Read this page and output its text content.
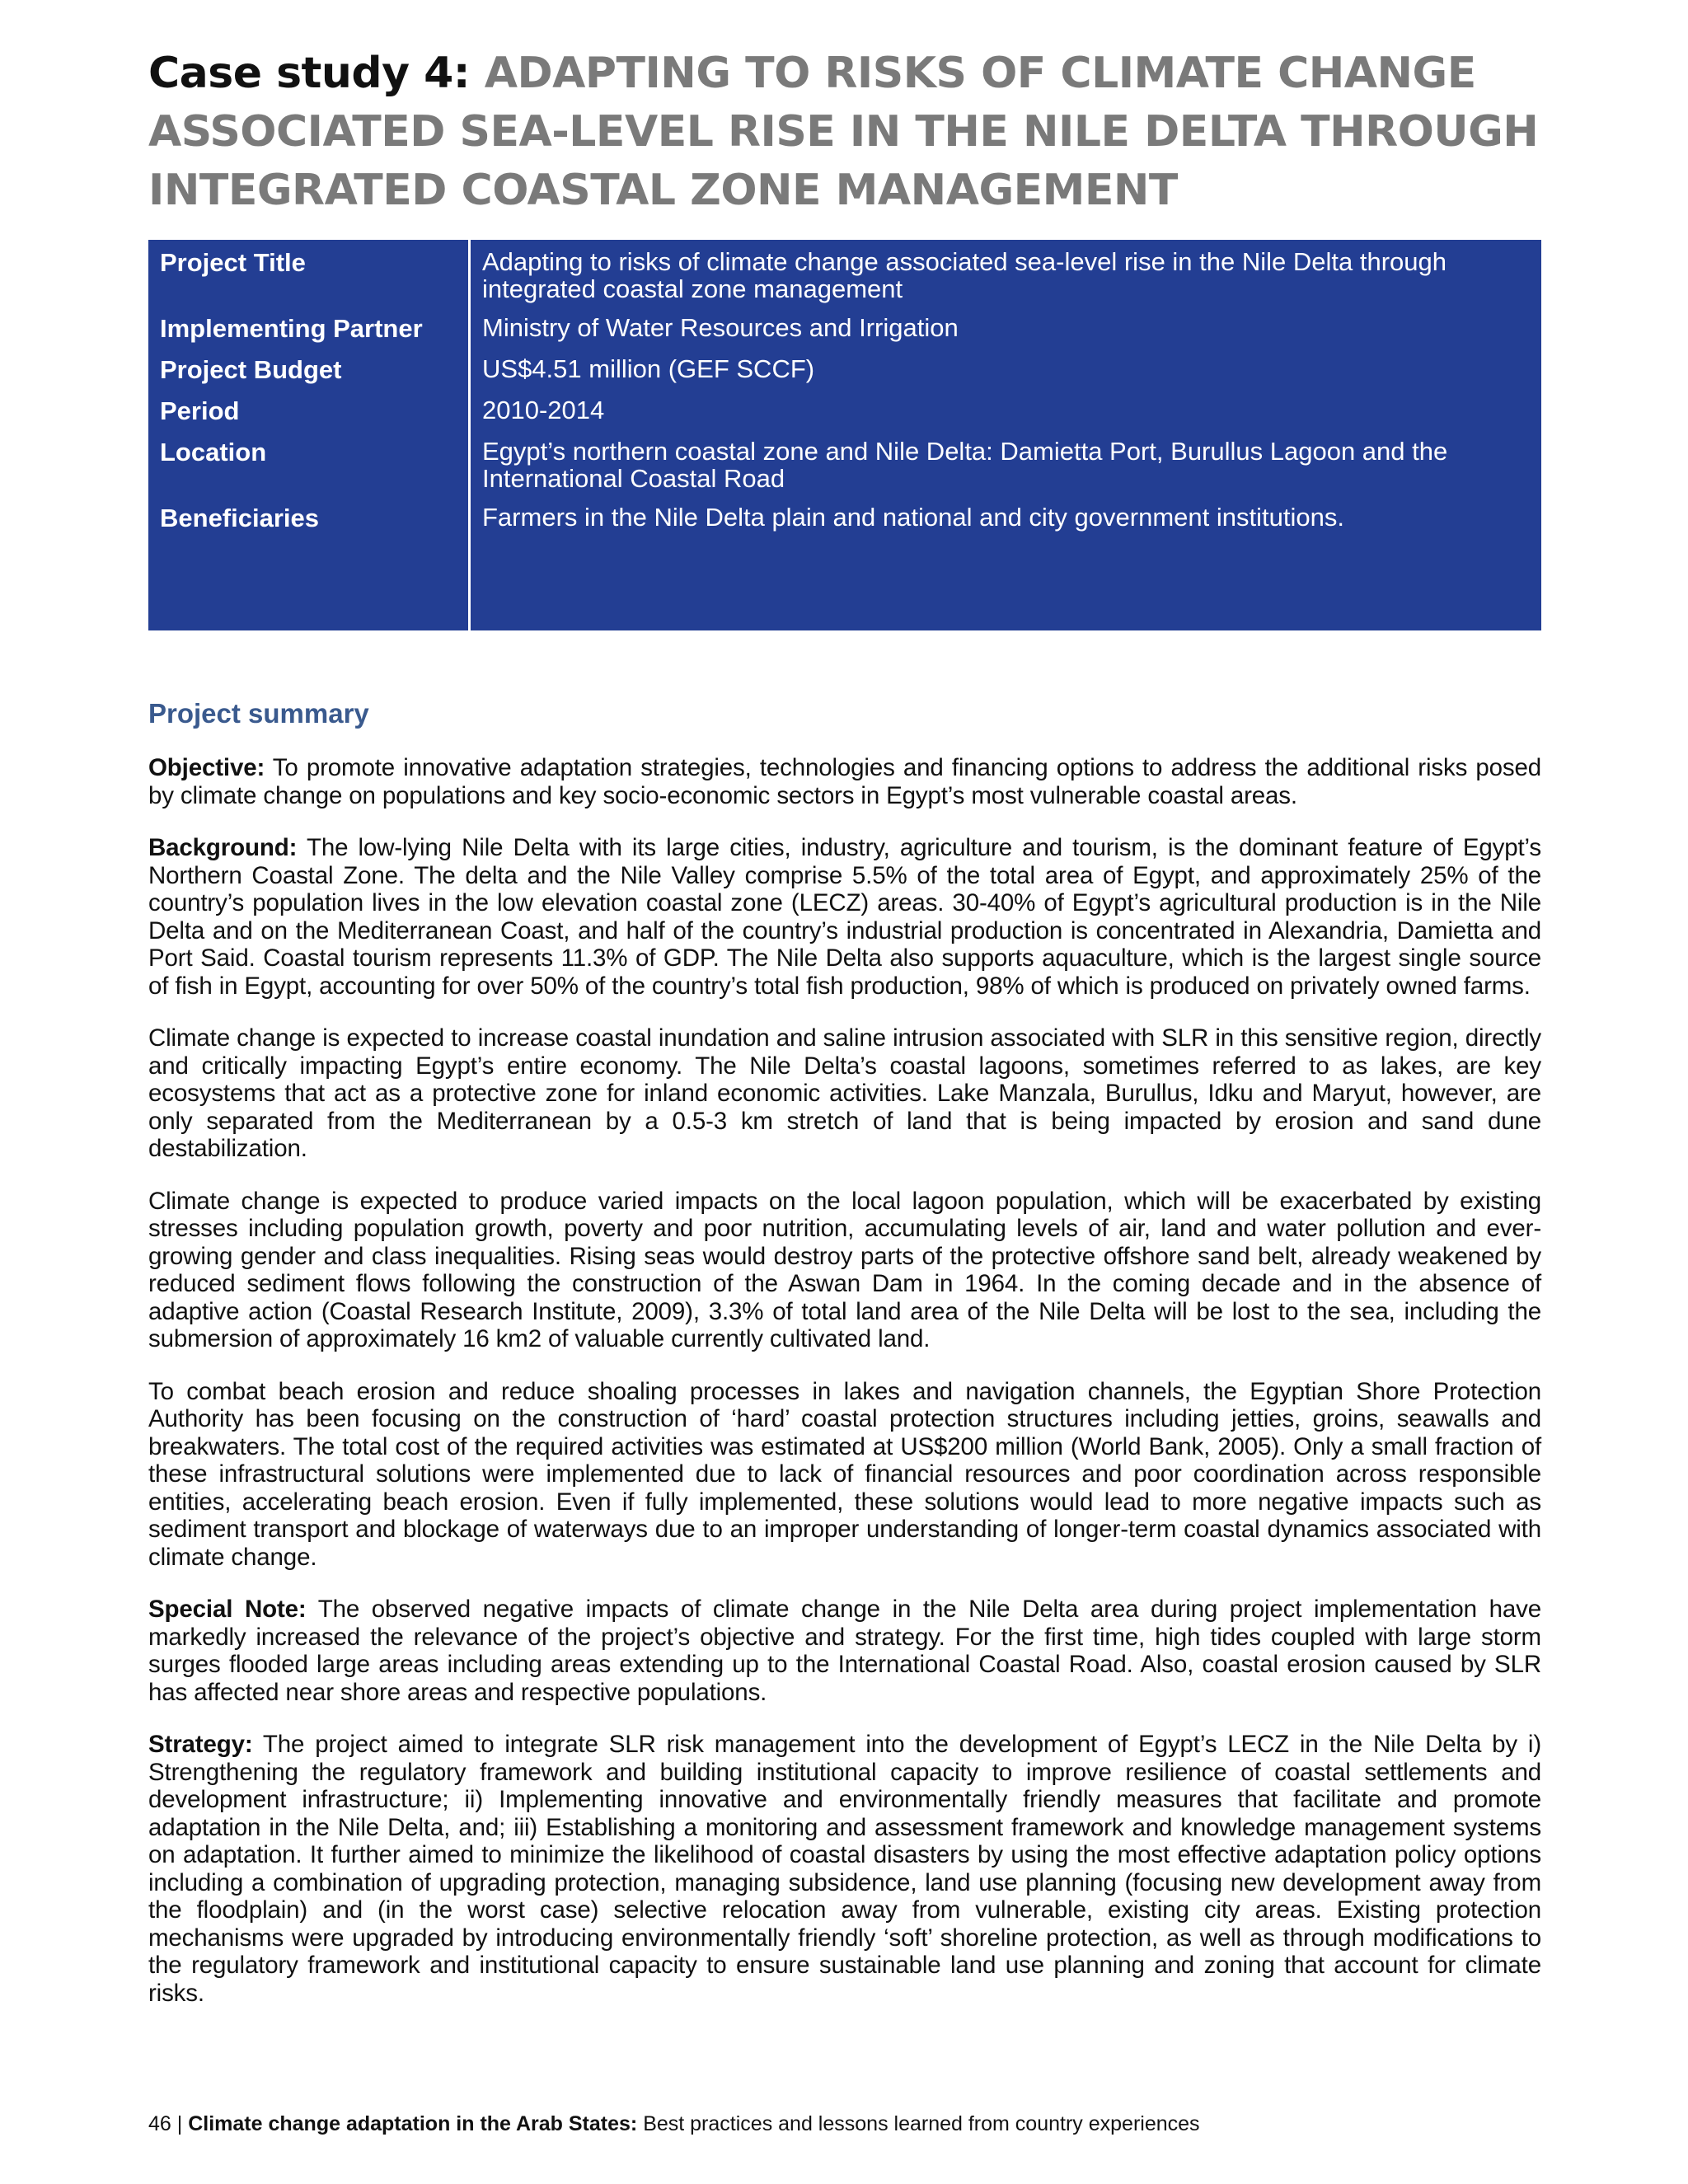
Case study 4: ADAPTING TO RISKS OF CLIMATE CHANGE ASSOCIATED SEA-LEVEL RISE IN THE NILE DELTA THROUGH INTEGRATED COASTAL ZONE MANAGEMENT
Project Title	Adapting to risks of climate change associated sea-level rise in the Nile Delta through integrated coastal zone management
Implementing Partner	Ministry of Water Resources and Irrigation
Project Budget	US$4.51 million (GEF SCCF)
Period	2010-2014
Location	Egypt’s northern coastal zone and Nile Delta: Damietta Port, Burullus Lagoon and the International Coastal Road
Beneficiaries	Farmers in the Nile Delta plain and national and city government institutions.

Project summary

Objective: To promote innovative adaptation strategies, technologies and financing options to address the additional risks posed by climate change on populations and key socio-economic sectors in Egypt’s most vulnerable coastal areas.

Background: The low-lying Nile Delta with its large cities, industry, agriculture and tourism, is the dominant feature of Egypt’s Northern Coastal Zone. The delta and the Nile Valley comprise 5.5% of the total area of Egypt, and approximately 25% of the country’s population lives in the low elevation coastal zone (LECZ) areas. 30-40% of Egypt’s agricultural production is in the Nile Delta and on the Mediterranean Coast, and half of the country’s industrial production is concentrated in Alexandria, Damietta and Port Said. Coastal tourism represents 11.3% of GDP. The Nile Delta also supports aquaculture, which is the largest single source of fish in Egypt, accounting for over 50% of the country’s total fish production, 98% of which is produced on privately owned farms.

Climate change is expected to increase coastal inundation and saline intrusion associated with SLR in this sensitive region, directly and critically impacting Egypt’s entire economy. The Nile Delta’s coastal lagoons, sometimes referred to as lakes, are key ecosystems that act as a protective zone for inland economic activities. Lake Manzala, Burullus, Idku and Maryut, however, are only separated from the Mediterranean by a 0.5-3 km stretch of land that is being impacted by erosion and sand dune destabilization.

Climate change is expected to produce varied impacts on the local lagoon population, which will be exacerbated by existing stresses including population growth, poverty and poor nutrition, accumulating levels of air, land and water pollution and ever-growing gender and class inequalities. Rising seas would destroy parts of the protective offshore sand belt, already weakened by reduced sediment flows following the construction of the Aswan Dam in 1964. In the coming decade and in the absence of adaptive action (Coastal Research Institute, 2009), 3.3% of total land area of the Nile Delta will be lost to the sea, including the submersion of approximately 16 km2 of valuable currently cultivated land.

To combat beach erosion and reduce shoaling processes in lakes and navigation channels, the Egyptian Shore Protection Authority has been focusing on the construction of ‘hard’ coastal protection structures including jetties, groins, seawalls and breakwaters. The total cost of the required activities was estimated at US$200 million (World Bank, 2005). Only a small fraction of these infrastructural solutions were implemented due to lack of financial resources and poor coordination across responsible entities, accelerating beach erosion. Even if fully implemented, these solutions would lead to more negative impacts such as sediment transport and blockage of waterways due to an improper understanding of longer-term coastal dynamics associated with climate change.

Special Note: The observed negative impacts of climate change in the Nile Delta area during project implementation have markedly increased the relevance of the project’s objective and strategy. For the first time, high tides coupled with large storm surges flooded large areas including areas extending up to the International Coastal Road. Also, coastal erosion caused by SLR has affected near shore areas and respective populations.

Strategy: The project aimed to integrate SLR risk management into the development of Egypt’s LECZ in the Nile Delta by i) Strengthening the regulatory framework and building institutional capacity to improve resilience of coastal settlements and development infrastructure; ii) Implementing innovative and environmentally friendly measures that facilitate and promote adaptation in the Nile Delta, and; iii) Establishing a monitoring and assessment framework and knowledge management systems on adaptation. It further aimed to minimize the likelihood of coastal disasters by using the most effective adaptation policy options including a combination of upgrading protection, managing subsidence, land use planning (focusing new development away from the floodplain) and (in the worst case) selective relocation away from vulnerable, existing city areas. Existing protection mechanisms were upgraded by introducing environmentally friendly ‘soft’ shoreline protection, as well as through modifications to the regulatory framework and institutional capacity to ensure sustainable land use planning and zoning that account for climate risks.

46 | Climate change adaptation in the Arab States: Best practices and lessons learned from country experiences
